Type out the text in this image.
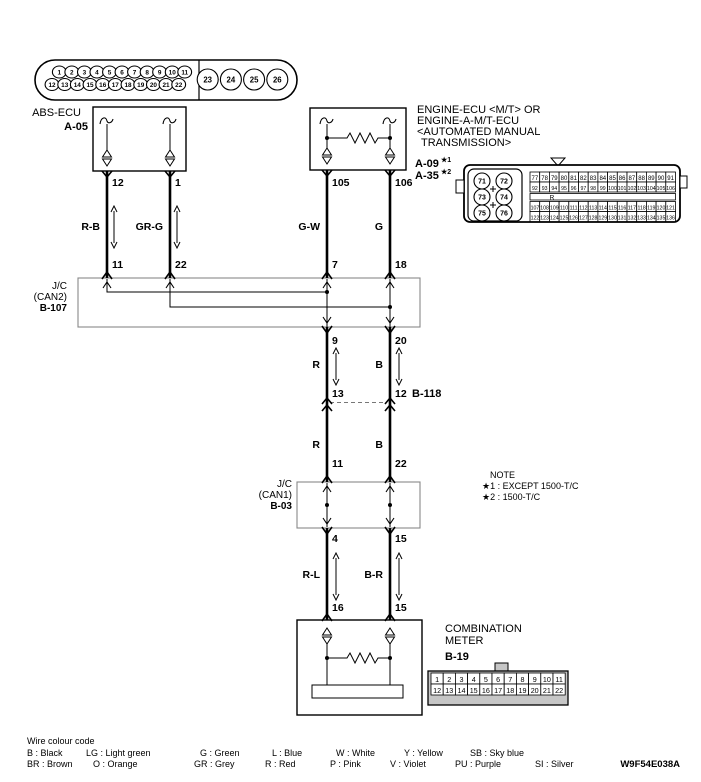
1 2 3 4 5 6 7 8 9 10 11
12 13 14 15 16 17 18 19 20 21 22
23 24 25 26
ABS-ECU
A-05
ENGINE-ECU <M/T> OR
ENGINE-A-M/T-ECU
<AUTOMATED MANUAL
TRANSMISSION>
A-09 ★1
A-35 ★2
71 72
73 74
75 76
77 78 79 80 81 82 83 84 85 86 87 88 89 90 91
92 93 94 95 96 97 98 99 100 101 102 103 104 105 106
R
107 108 109 110 111 112 113 114 115 116 117 118 119 120 121
122 123 124 125 126 127 128 129 130 131 132 133 134 135 136
J/C
(CAN2)
B-107
J/C
(CAN1)
B-03
COMBINATION
METER
B-19
1 2 3 4 5 6 7 8 9 10 11
12 13 14 15 16 17 18 19 20 21 22
12	1	105	106
11	22	7	18
9	20
13	12 B-118
11	22
4	15
16	15
R-B	GR-G	G-W	G
R	B
R	B
R-L	B-R
NOTE
★1 : EXCEPT 1500-T/C
★2 : 1500-T/C
Wire colour code
B : Black	LG : Light green	G : Green	L : Blue	W : White	Y : Yellow	SB : Sky blue
BR : Brown O : Orange	GR : Grey	R : Red	P : Pink	V : Violet	PU : Purple	SI : Silver	W9F54E038A
